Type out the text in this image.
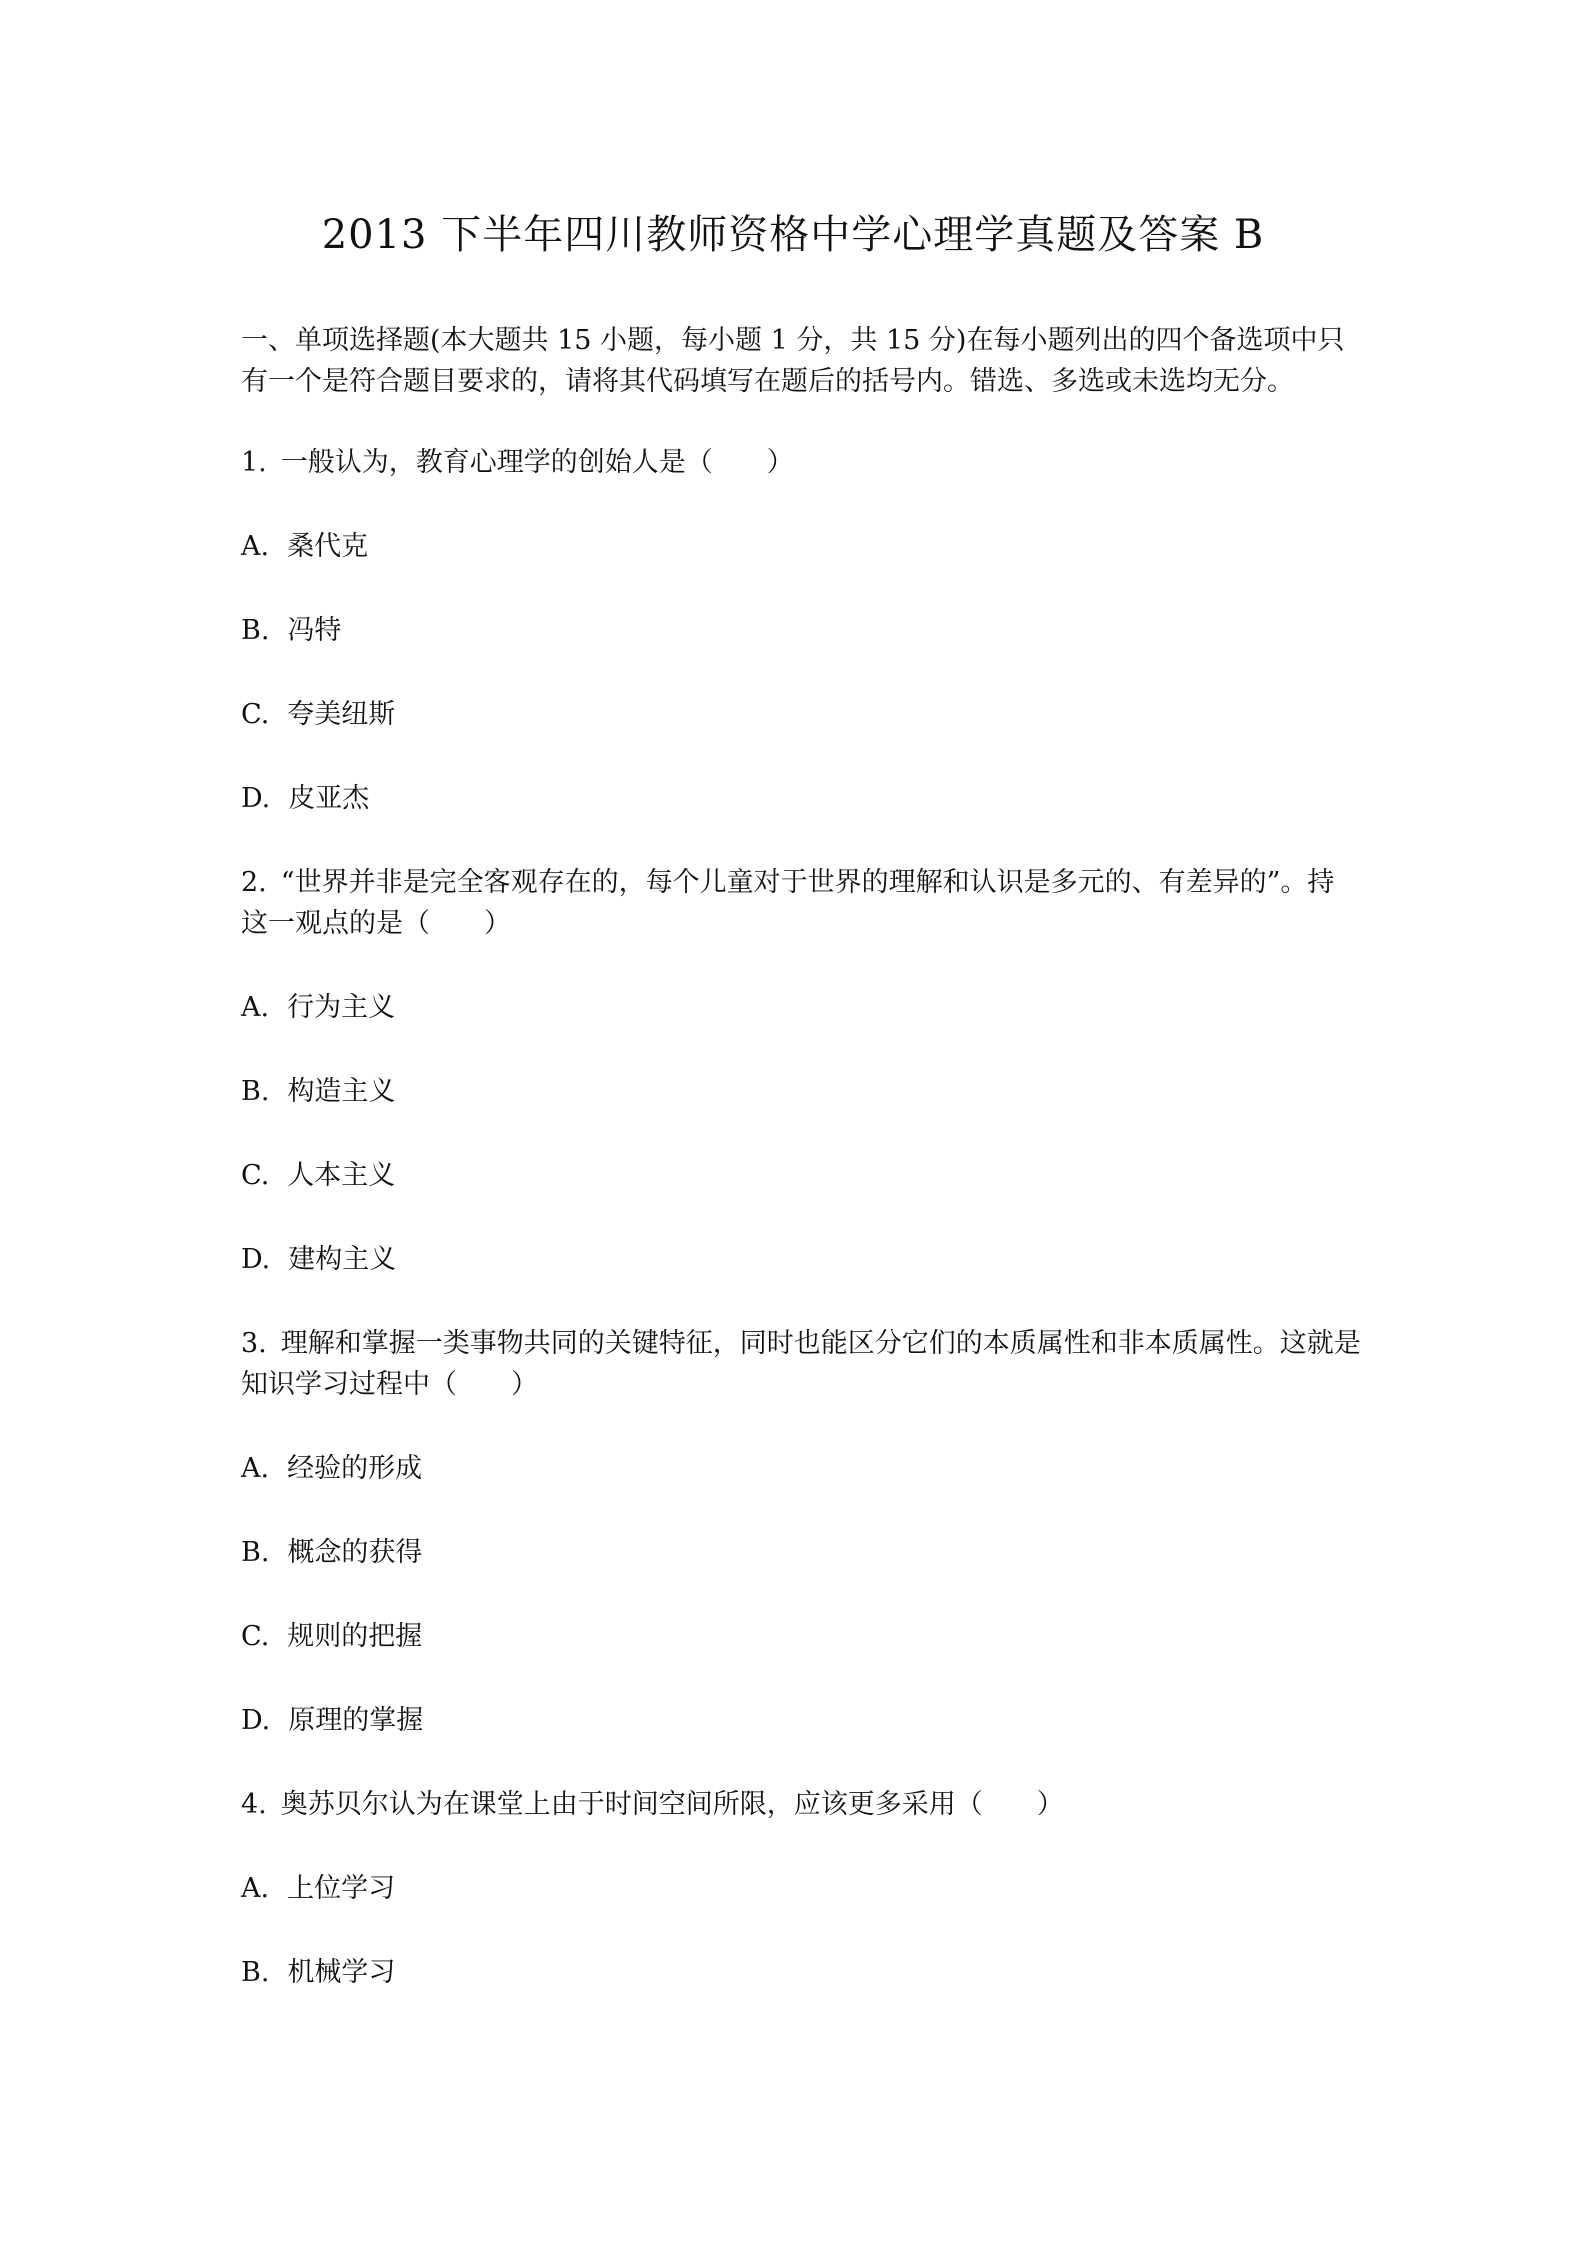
2013 下半年四川教师资格中学心理学真题及答案 B

一、单项选择题(本大题共 15 小题，每小题 1 分，共 15 分)在每小题列出的四个备选项中只有一个是符合题目要求的，请将其代码填写在题后的括号内。错选、多选或未选均无分。

1. 一般认为，教育心理学的创始人是（　　）

A. 桑代克

B. 冯特

C. 夸美纽斯

D. 皮亚杰

2. “世界并非是完全客观存在的，每个儿童对于世界的理解和认识是多元的、有差异的”。持这一观点的是（　　）

A. 行为主义

B. 构造主义

C. 人本主义

D. 建构主义

3. 理解和掌握一类事物共同的关键特征，同时也能区分它们的本质属性和非本质属性。这就是知识学习过程中（　　）

A. 经验的形成

B. 概念的获得

C. 规则的把握

D. 原理的掌握

4. 奥苏贝尔认为在课堂上由于时间空间所限，应该更多采用（　　）

A. 上位学习

B. 机械学习
